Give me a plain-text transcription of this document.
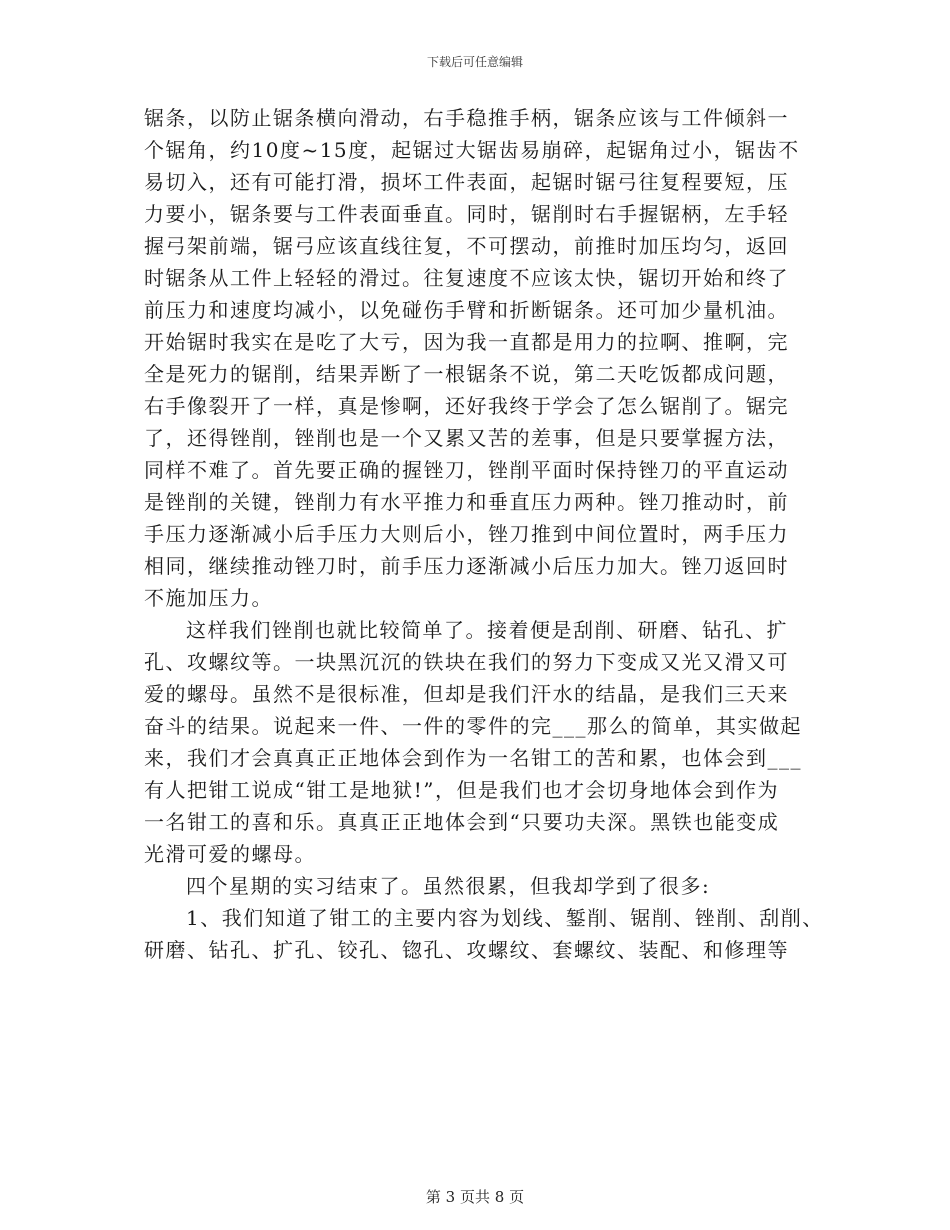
下载后可任意编辑
锯条，以防止锯条横向滑动，右手稳推手柄，锯条应该与工件倾斜一
个锯角，约10度~15度，起锯过大锯齿易崩碎，起锯角过小，锯齿不
易切入，还有可能打滑，损坏工件表面，起锯时锯弓往复程要短，压
力要小，锯条要与工件表面垂直。同时，锯削时右手握锯柄，左手轻
握弓架前端，锯弓应该直线往复，不可摆动，前推时加压均匀，返回
时锯条从工件上轻轻的滑过。往复速度不应该太快，锯切开始和终了
前压力和速度均减小，以免碰伤手臂和折断锯条。还可加少量机油。
开始锯时我实在是吃了大亏，因为我一直都是用力的拉啊、推啊，完
全是死力的锯削，结果弄断了一根锯条不说，第二天吃饭都成问题，
右手像裂开了一样，真是惨啊，还好我终于学会了怎么锯削了。锯完
了，还得锉削，锉削也是一个又累又苦的差事，但是只要掌握方法，
同样不难了。首先要正确的握锉刀，锉削平面时保持锉刀的平直运动
是锉削的关键，锉削力有水平推力和垂直压力两种。锉刀推动时，前
手压力逐渐减小后手压力大则后小，锉刀推到中间位置时，两手压力
相同，继续推动锉刀时，前手压力逐渐减小后压力加大。锉刀返回时
不施加压力。
这样我们锉削也就比较简单了。接着便是刮削、研磨、钻孔、扩
孔、攻螺纹等。一块黑沉沉的铁块在我们的努力下变成又光又滑又可
爱的螺母。虽然不是很标准，但却是我们汗水的结晶，是我们三天来
奋斗的结果。说起来一件、一件的零件的完___那么的简单，其实做起
来，我们才会真真正正地体会到作为一名钳工的苦和累，也体会到___
有人把钳工说成“钳工是地狱!”，但是我们也才会切身地体会到作为
一名钳工的喜和乐。真真正正地体会到“只要功夫深。黑铁也能变成
光滑可爱的螺母。
四个星期的实习结束了。虽然很累，但我却学到了很多:
1、我们知道了钳工的主要内容为划线、錾削、锯削、锉削、刮削、
研磨、钻孔、扩孔、铰孔、锪孔、攻螺纹、套螺纹、装配、和修理等
第 3 页共 8 页
